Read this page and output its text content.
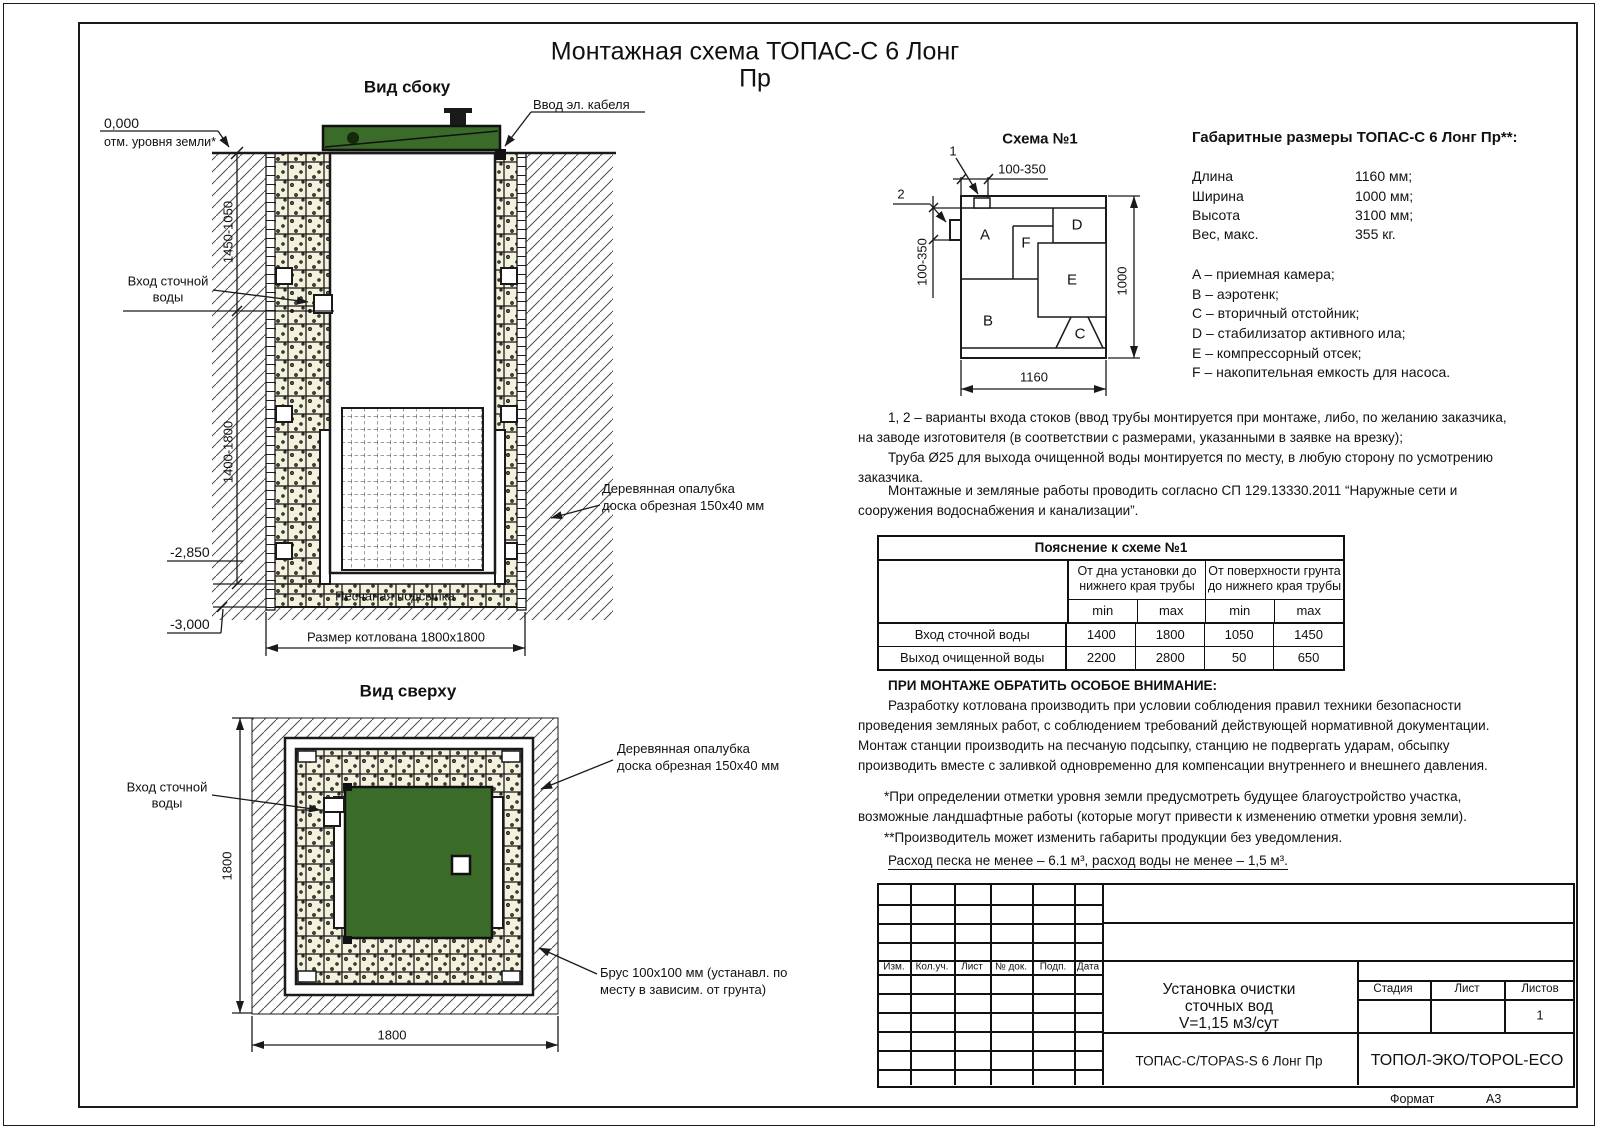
Монтажная схема ТОПАС-С 6 Лонг
Пр
Вид сбоку
Ввод эл. кабеля
0,000
отм. уровня земли*
Вход сточной
воды
1450-1050
1400-1800
-2,850
-3,000
Песчаная подсыпка
Размер котлована 1800х1800
Деревянная опалубка
доска обрезная 150х40 мм
Вид сверху
Вход сточной
воды
1800
1800
Деревянная опалубка
доска обрезная 150х40 мм
Брус 100х100 мм (устанавл. по
месту в зависим. от грунта)
Схема №1
1
2
100-350
100-350
1160
1000
A F
D
E
B
C
Габаритные размеры ТОПАС-С 6 Лонг Пр**:
Длина	1160 мм;
Ширина	1000 мм;
Высота	3100 мм;
Вес, макс.	355 кг.
A – приемная камера;
B – аэротенк;
C – вторичный отстойник;
D – стабилизатор активного ила;
E – компрессорный отсек;
F – накопительная емкость для насоса.
1, 2 – варианты входа стоков (ввод трубы монтируется при монтаже, либо, по желанию заказчика, на заводе изготовителя (в соответствии с размерами, указанными в заявке на врезку);
Труба Ø25 для выхода очищенной воды монтируется по месту, в любую сторону по усмотрению заказчика.
Монтажные и земляные работы проводить согласно СП 129.13330.2011 “Наружные сети и сооружения водоснабжения и канализации”.
Пояснение к схеме №1
От дна установки до нижнего края трубы
От поверхности грунта до нижнего края трубы
min	max	min	max
Вход сточной воды	1400	1800	1050	1450
Выход очищенной воды	2200	2800	50	650
ПРИ МОНТАЖЕ ОБРАТИТЬ ОСОБОЕ ВНИМАНИЕ:
Разработку котлована производить при условии соблюдения правил техники безопасности проведения земляных работ, с соблюдением требований действующей нормативной документации. Монтаж станции производить на песчаную подсыпку, станцию не подвергать ударам, обсыпку производить вместе с заливкой одновременно для компенсации внутреннего и внешнего давления.
*При определении отметки уровня земли предусмотреть будущее благоустройство участка, возможные ландшафтные работы (которые могут привести к изменению отметки уровня земли).
**Производитель может изменить габариты продукции без уведомления.
Расход песка не менее – 6.1 м³, расход воды не менее – 1,5 м³.
Изм. Кол.уч. Лист № док. Подп. Дата
Установка очистки
сточных вод
V=1,15 м3/сут
ТОПАС-С/TOPAS-S 6 Лонг Пр
Стадия	Лист	Листов
1
ТОПОЛ-ЭКО/TOPOL-ECO
Формат	А3
